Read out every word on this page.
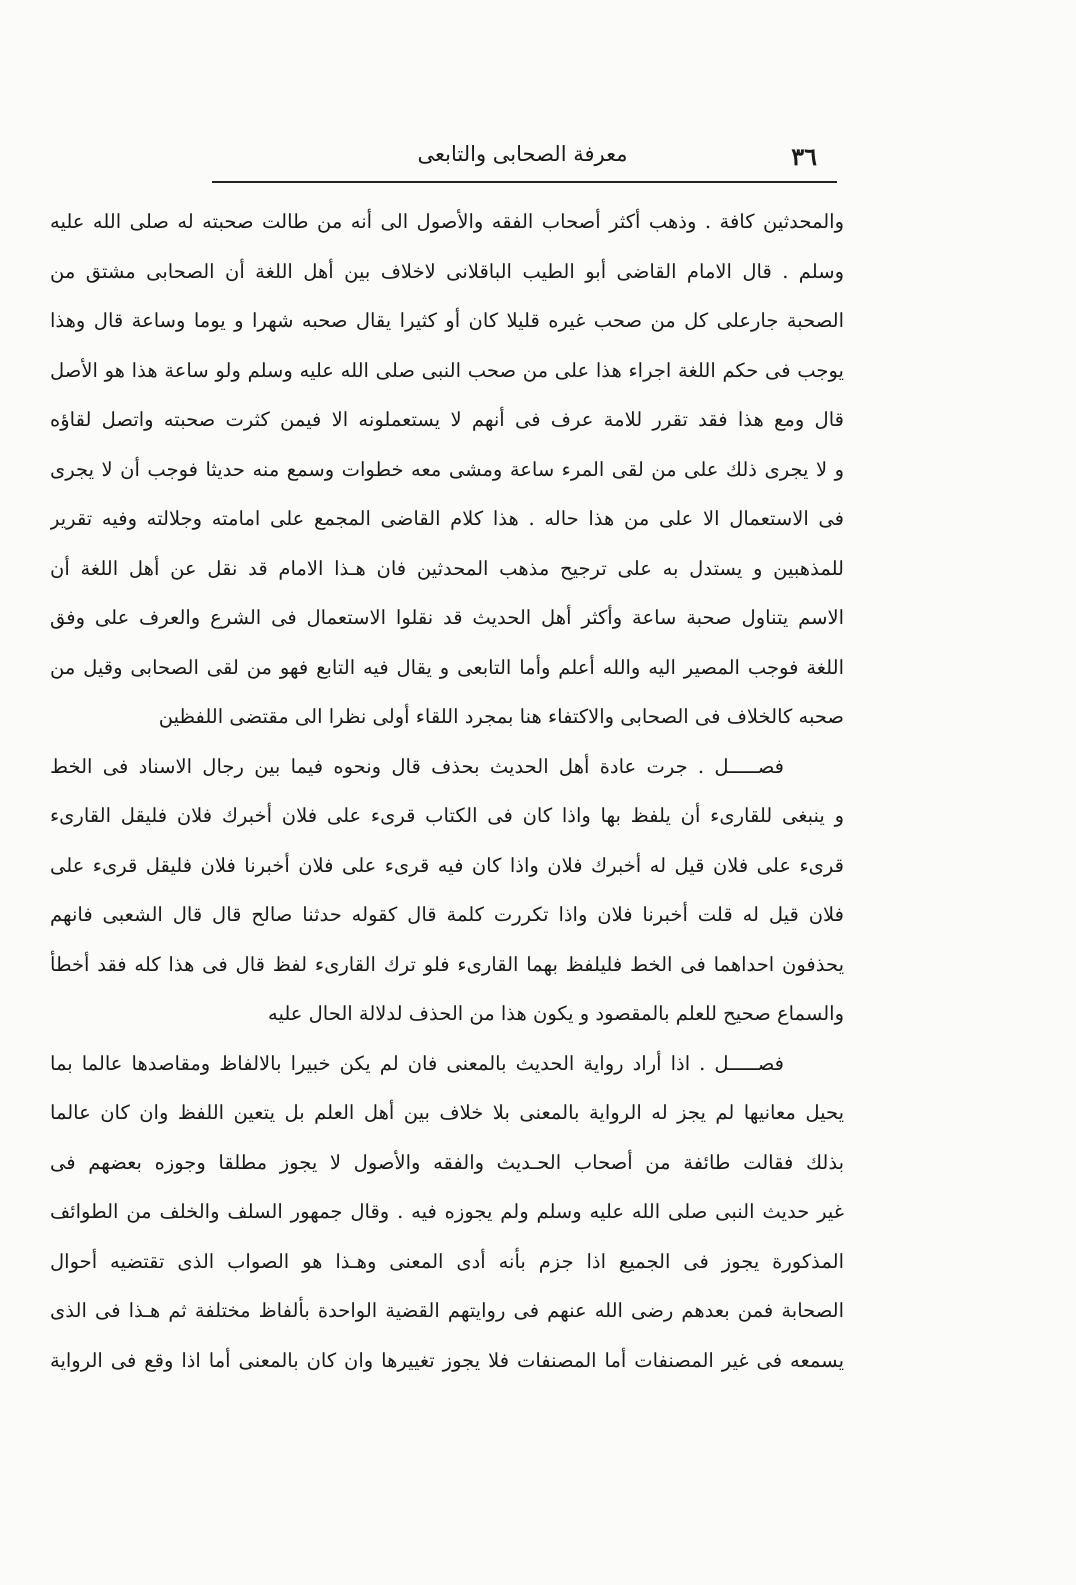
٣٦
معرفة الصحابى والتابعى
والمحدثين كافة . وذهب أكثر أصحاب الفقه والأصول الى أنه من طالت صحبته له صلى الله عليه
وسلم . قال الامام القاضى أبو الطيب الباقلانى لاخلاف بين أهل اللغة أن الصحابى مشتق من
الصحبة جارعلى كل من صحب غيره قليلا كان أو كثيرا يقال صحبه شهرا و يوما وساعة قال وهذا
يوجب فى حكم اللغة اجراء هذا على من صحب النبى صلى الله عليه وسلم ولو ساعة هذا هو الأصل
قال ومع هذا فقد تقرر للامة عرف فى أنهم لا يستعملونه الا فيمن كثرت صحبته واتصل لقاؤه
و لا يجرى ذلك على من لقى المرء ساعة ومشى معه خطوات وسمع منه حديثا فوجب أن لا يجرى
فى الاستعمال الا على من هذا حاله . هذا كلام القاضى المجمع على امامته وجلالته وفيه تقرير
للمذهبين و يستدل به على ترجيح مذهب المحدثين فان هـذا الامام قد نقل عن أهل اللغة أن
الاسم يتناول صحبة ساعة وأكثر أهل الحديث قد نقلوا الاستعمال فى الشرع والعرف على وفق
اللغة فوجب المصير اليه والله أعلم وأما التابعى و يقال فيه التابع فهو من لقى الصحابى وقيل من
صحبه كالخلاف فى الصحابى والاكتفاء هنا بمجرد اللقاء أولى نظرا الى مقتضى اللفظين
فصـــــل . جرت عادة أهل الحديث بحذف قال ونحوه فيما بين رجال الاسناد فى الخط
و ينبغى للقارىء أن يلفظ بها واذا كان فى الكتاب قرىء على فلان أخبرك فلان فليقل القارىء
قرىء على فلان قيل له أخبرك فلان واذا كان فيه قرىء على فلان أخبرنا فلان فليقل قرىء على
فلان قيل له قلت أخبرنا فلان واذا تكررت كلمة قال كقوله حدثنا صالح قال قال الشعبى فانهم
يحذفون احداهما فى الخط فليلفظ بهما القارىء فلو ترك القارىء لفظ قال فى هذا كله فقد أخطأ
والسماع صحيح للعلم بالمقصود و يكون هذا من الحذف لدلالة الحال عليه
فصـــــل . اذا أراد رواية الحديث بالمعنى فان لم يكن خبيرا بالالفاظ ومقاصدها عالما بما
يحيل معانيها لم يجز له الرواية بالمعنى بلا خلاف بين أهل العلم بل يتعين اللفظ وان كان عالما
بذلك فقالت طائفة من أصحاب الحـديث والفقه والأصول لا يجوز مطلقا وجوزه بعضهم فى
غير حديث النبى صلى الله عليه وسلم ولم يجوزه فيه . وقال جمهور السلف والخلف من الطوائف
المذكورة يجوز فى الجميع اذا جزم بأنه أدى المعنى وهـذا هو الصواب الذى تقتضيه أحوال
الصحابة فمن بعدهم رضى الله عنهم فى روايتهم القضية الواحدة بألفاظ مختلفة ثم هـذا فى الذى
يسمعه فى غير المصنفات أما المصنفات فلا يجوز تغييرها وان كان بالمعنى أما اذا وقع فى الرواية
